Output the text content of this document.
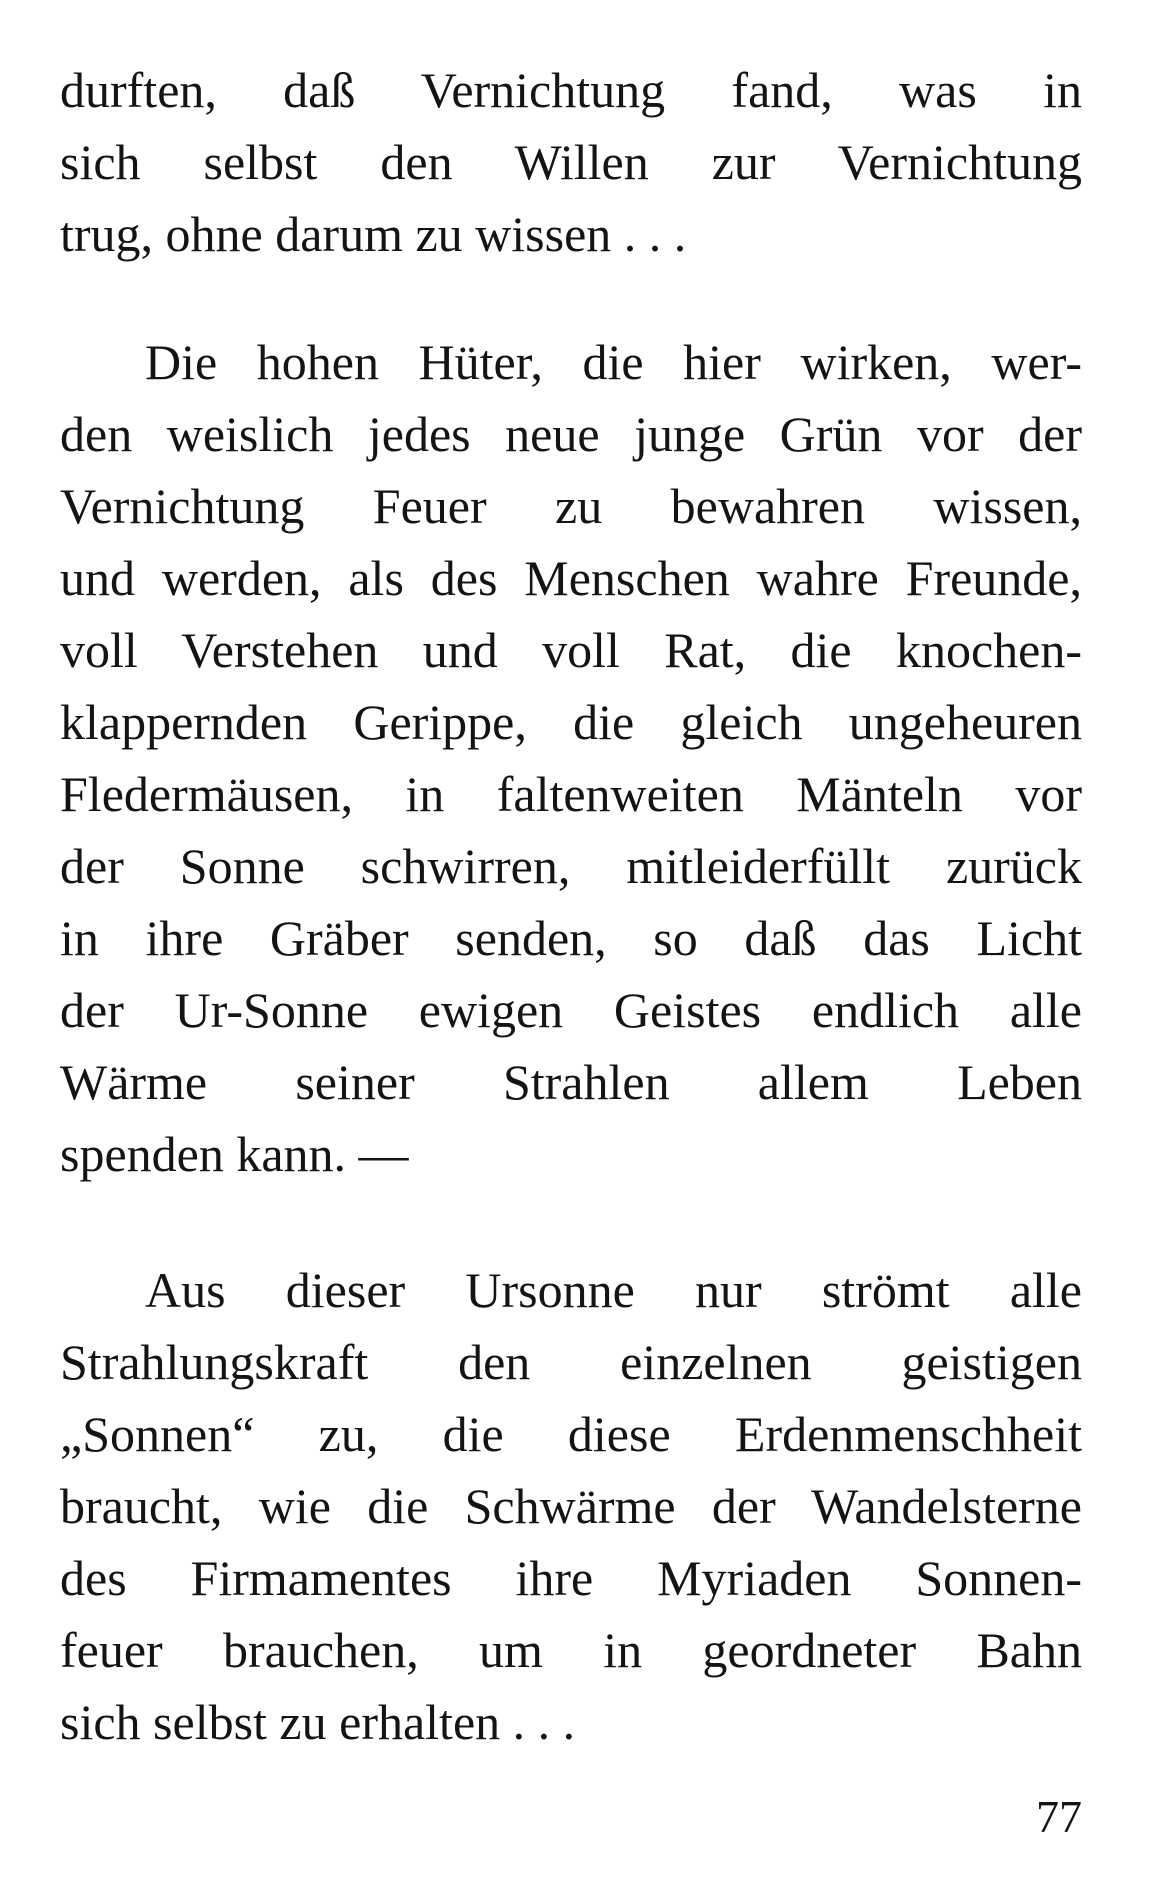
durften, daß Vernichtung fand, was in
sich selbst den Willen zur Vernichtung
trug, ohne darum zu wissen . . .
Die hohen Hüter, die hier wirken, wer-
den weislich jedes neue junge Grün vor der
Vernichtung Feuer zu bewahren wissen,
und werden, als des Menschen wahre Freunde,
voll Verstehen und voll Rat, die knochen-
klappernden Gerippe, die gleich ungeheuren
Fledermäusen, in faltenweiten Mänteln vor
der Sonne schwirren, mitleiderfüllt zurück
in ihre Gräber senden, so daß das Licht
der Ur-Sonne ewigen Geistes endlich alle
Wärme seiner Strahlen allem Leben
spenden kann. —
Aus dieser Ursonne nur strömt alle
Strahlungskraft den einzelnen geistigen
„Sonnen“ zu, die diese Erdenmenschheit
braucht, wie die Schwärme der Wandelsterne
des Firmamentes ihre Myriaden Sonnen-
feuer brauchen, um in geordneter Bahn
sich selbst zu erhalten . . .
77
